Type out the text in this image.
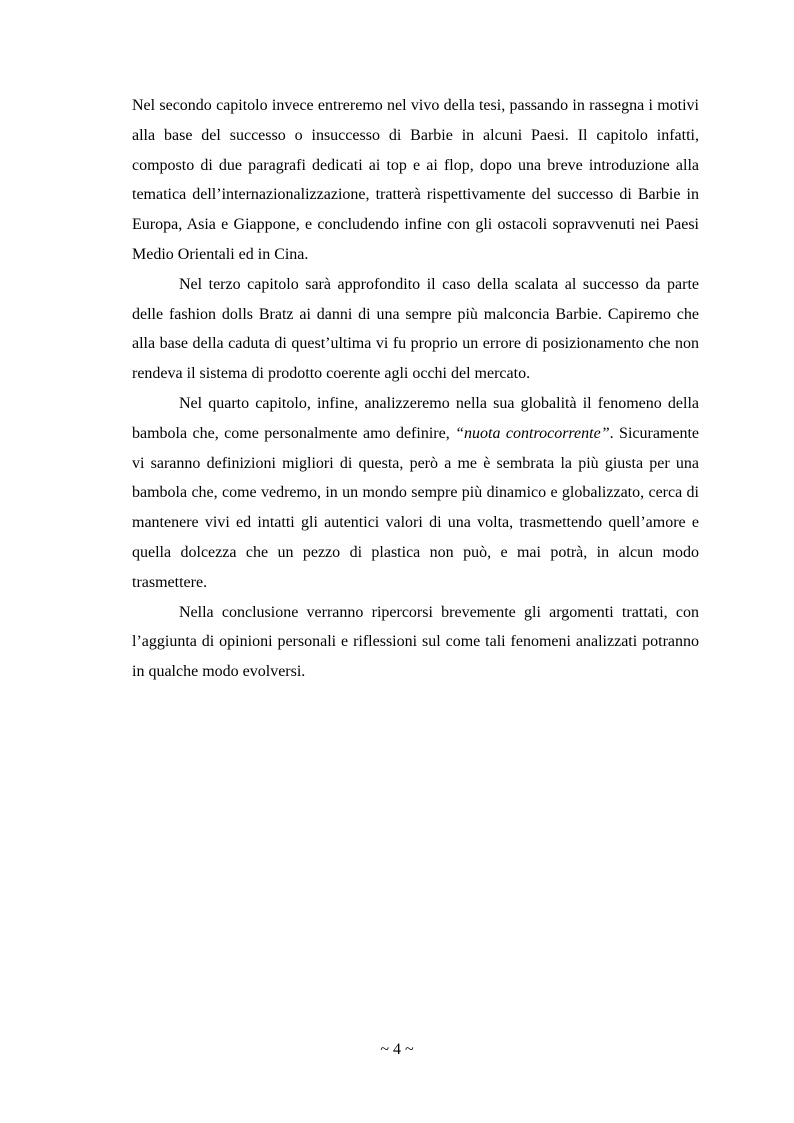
Nel secondo capitolo invece entreremo nel vivo della tesi, passando in rassegna i motivi alla base del successo o insuccesso di Barbie in alcuni Paesi. Il capitolo infatti, composto di due paragrafi dedicati ai top e ai flop, dopo una breve introduzione alla tematica dell’internazionalizzazione, tratterà rispettivamente del successo di Barbie in Europa, Asia e Giappone, e concludendo infine con gli ostacoli sopravvenuti nei Paesi Medio Orientali ed in Cina.

Nel terzo capitolo sarà approfondito il caso della scalata al successo da parte delle fashion dolls Bratz ai danni di una sempre più malconcia Barbie. Capiremo che alla base della caduta di quest’ultima vi fu proprio un errore di posizionamento che non rendeva il sistema di prodotto coerente agli occhi del mercato.

Nel quarto capitolo, infine, analizzeremo nella sua globalità il fenomeno della bambola che, come personalmente amo definire, “nuota controcorrente”. Sicuramente vi saranno definizioni migliori di questa, però a me è sembrata la più giusta per una bambola che, come vedremo, in un mondo sempre più dinamico e globalizzato, cerca di mantenere vivi ed intatti gli autentici valori di una volta, trasmettendo quell’amore e quella dolcezza che un pezzo di plastica non può, e mai potrà, in alcun modo trasmettere.

Nella conclusione verranno ripercorsi brevemente gli argomenti trattati, con l’aggiunta di opinioni personali e riflessioni sul come tali fenomeni analizzati potranno in qualche modo evolversi.

~ 4 ~
